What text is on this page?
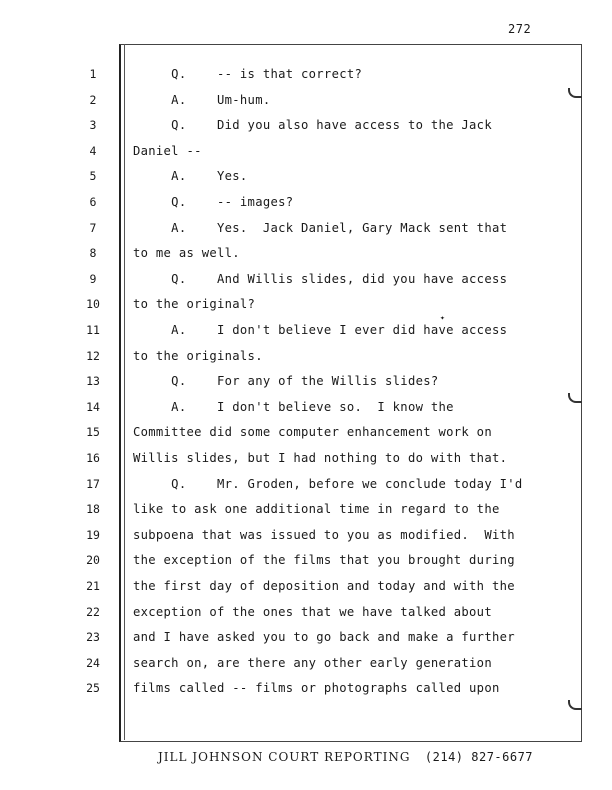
272
1	Q.    -- is that correct?
2	A.    Um-hum.
3	Q.    Did you also have access to the Jack
4	Daniel --
5	A.    Yes.
6	Q.    -- images?
7	A.    Yes.  Jack Daniel, Gary Mack sent that
8	to me as well.
9	Q.    And Willis slides, did you have access
10	to the original?
11	A.    I don't believe I ever did have access
12	to the originals.
13	Q.    For any of the Willis slides?
14	A.    I don't believe so.  I know the
15	Committee did some computer enhancement work on
16	Willis slides, but I had nothing to do with that.
17	Q.    Mr. Groden, before we conclude today I'd
18	like to ask one additional time in regard to the
19	subpoena that was issued to you as modified.  With
20	the exception of the films that you brought during
21	the first day of deposition and today and with the
22	exception of the ones that we have talked about
23	and I have asked you to go back and make a further
24	search on, are there any other early generation
25	films called -- films or photographs called upon
✦
JILL JOHNSON COURT REPORTING (214) 827-6677
